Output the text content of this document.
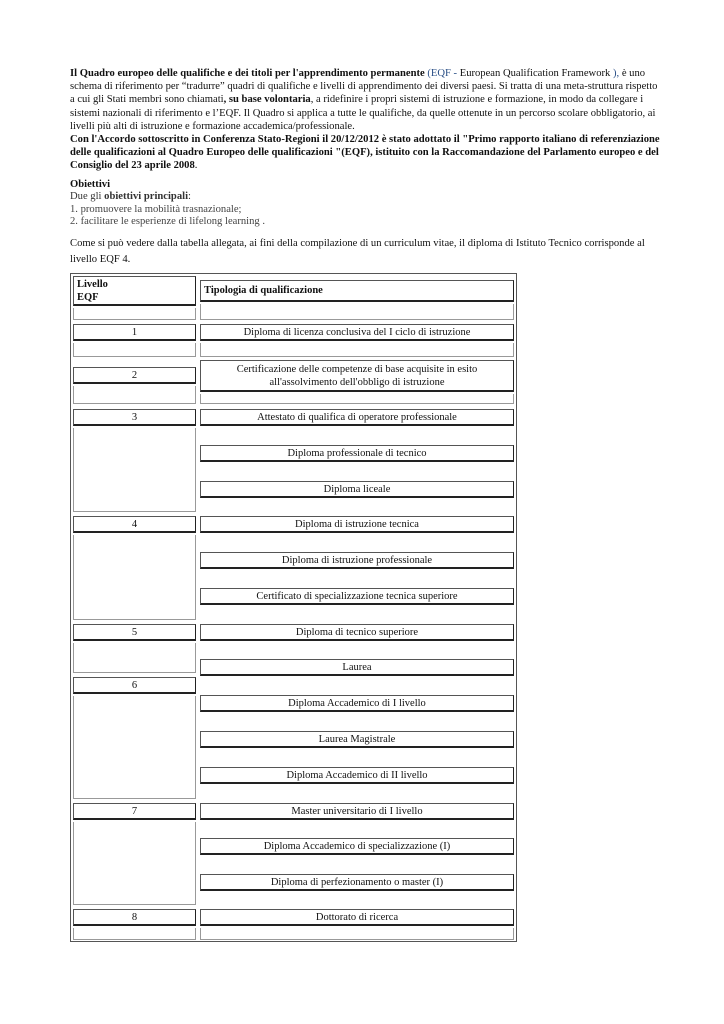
Il Quadro europeo delle qualifiche e dei titoli per l'apprendimento permanente (EQF - European Qualification Framework ), è uno schema di riferimento per “tradurre” quadri di qualifiche e livelli di apprendimento dei diversi paesi. Si tratta di una meta-struttura rispetto a cui gli Stati membri sono chiamati, su base volontaria, a ridefinire i propri sistemi di istruzione e formazione, in modo da collegare i sistemi nazionali di riferimento e l’EQF. Il Quadro si applica a tutte le qualifiche, da quelle ottenute in un percorso scolare obbligatorio, ai livelli più alti di istruzione e formazione accademica/professionale.
Con l'Accordo sottoscritto in Conferenza Stato-Regioni il 20/12/2012 è stato adottato il "Primo rapporto italiano di referenziazione delle qualificazioni al Quadro Europeo delle qualificazioni "(EQF), istituito con la Raccomandazione del Parlamento europeo e del Consiglio del 23 aprile 2008.

Obiettivi
Due gli obiettivi principali:
1. promuovere la mobilità trasnazionale;
2. facilitare le esperienze di lifelong learning .

Come si può vedere dalla tabella allegata, ai fini della compilazione di un curriculum vitae, il diploma di Istituto Tecnico corrisponde al livello EQF 4.

Livello EQF
Tipologia di qualificazione
1
2
3
4
5
6
7
8
Diploma di licenza conclusiva del I ciclo di istruzione
Certificazione delle competenze di base acquisite in esito all'assolvimento dell'obbligo di istruzione
Attestato di qualifica di operatore professionale
Diploma professionale di tecnico
Diploma liceale
Diploma di istruzione tecnica
Diploma di istruzione professionale
Certificato di specializzazione tecnica superiore
Diploma di tecnico superiore
Laurea
Diploma Accademico di I livello
Laurea Magistrale
Diploma Accademico di II livello
Master universitario di I livello
Diploma Accademico di specializzazione (I)
Diploma di perfezionamento o master (I)
Dottorato di ricerca
